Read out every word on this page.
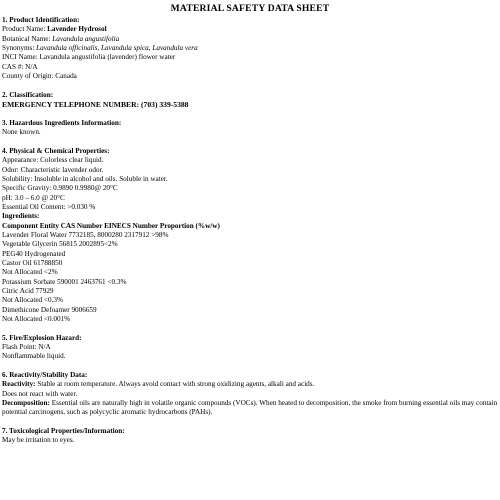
MATERIAL SAFETY DATA SHEET
1. Product Identification:
Product Name: Lavender Hydrosol
Botanical Name: Lavandula angustifolia
Synonyms: Lavandula officinalis, Lavandula spica, Lavandula vera
INCI Name: Lavandula angustifolia (lavender) flower water
CAS #: N/A
County of Origin: Canada
2. Classification:
EMERGENCY TELEPHONE NUMBER: (703) 339-5388
3. Hazardous Ingredients Information:
None known.
4. Physical & Chemical Properties:
Appearance: Colorless clear liquid.
Odor: Characteristic lavender odor.
Solubility: Insoluble in alcohol and oils. Soluble in water.
Specific Gravity: 0.9890 0.9980@ 20°C
pH: 3.0 – 6.0 @ 20°C
Essential Oil Content: >0.030 %
Ingredients:
Component Entity CAS Number EINECS Number Proportion (%w/w)
Lavender Floral Water 7732185, 8000280 2317912 >98%
Vegetable Glycerin 56815 2002895<2%
PEG40 Hydrogenated
Castor Oil 61788850
Not Allocated <2%
Potassium Sorbate 590001 2463761 <0.3%
Citric Acid 77929
Not Allocated <0.3%
Dimethicone Defoamer 9006659
Not Allocated <0.001%
5. Fire/Explosion Hazard:
Flash Point: N/A
Nonflammable liquid.
6. Reactivity/Stability Data:
Reactivity: Stable at room temperature. Always avoid contact with strong oxidizing agents, alkali and acids.
Does not react with water.
Decomposition: Essential oils are naturally high in volatile organic compounds (VOCs). When heated to decomposition, the smoke from burning essential oils may contain
potential carcinogens, such as polycyclic aromatic hydrocarbons (PAHs).
7. Toxicological Properties/Information:
May be irritation to eyes.
